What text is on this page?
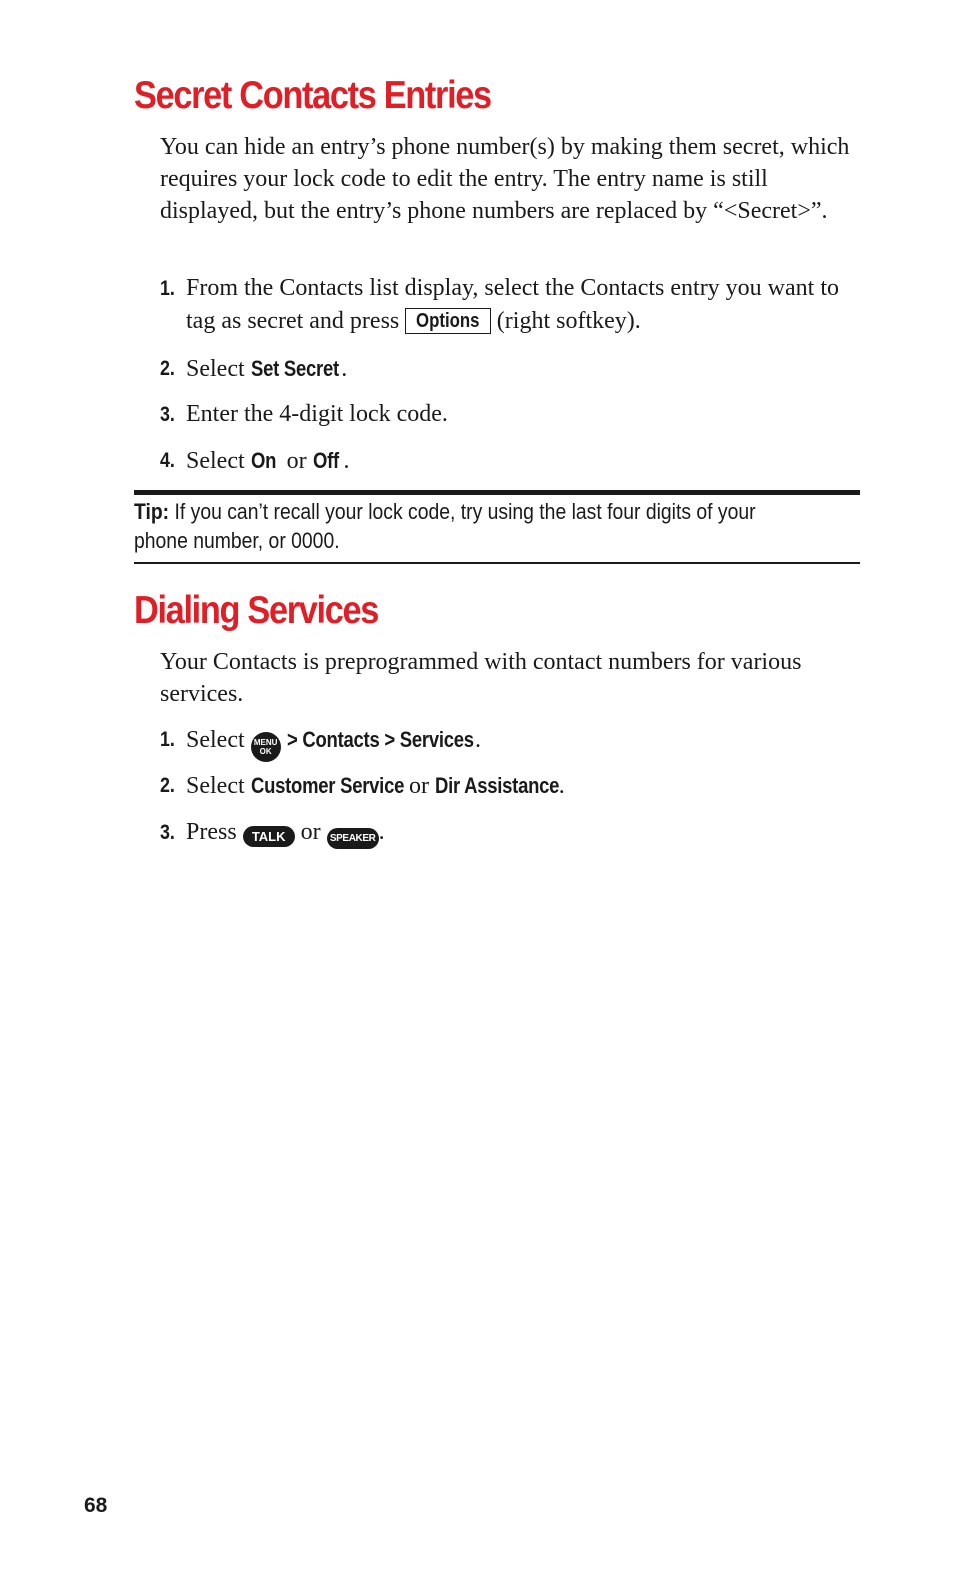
Secret Contacts Entries

You can hide an entry’s phone number(s) by making them secret, which requires your lock code to edit the entry. The entry name is still displayed, but the entry’s phone numbers are replaced by “<Secret>”.

1. From the Contacts list display, select the Contacts entry you want to tag as secret and press Options (right softkey).
2. Select Set Secret .
3. Enter the 4-digit lock code.
4. Select On or Off .

Tip: If you can’t recall your lock code, try using the last four digits of your phone number, or 0000.

Dialing Services

Your Contacts is preprogrammed with contact numbers for various services.

1. Select MENU
OK > Contacts > Services.
2. Select Customer Service or Dir Assistance.
3. Press TALK or SPEAKER .
68
